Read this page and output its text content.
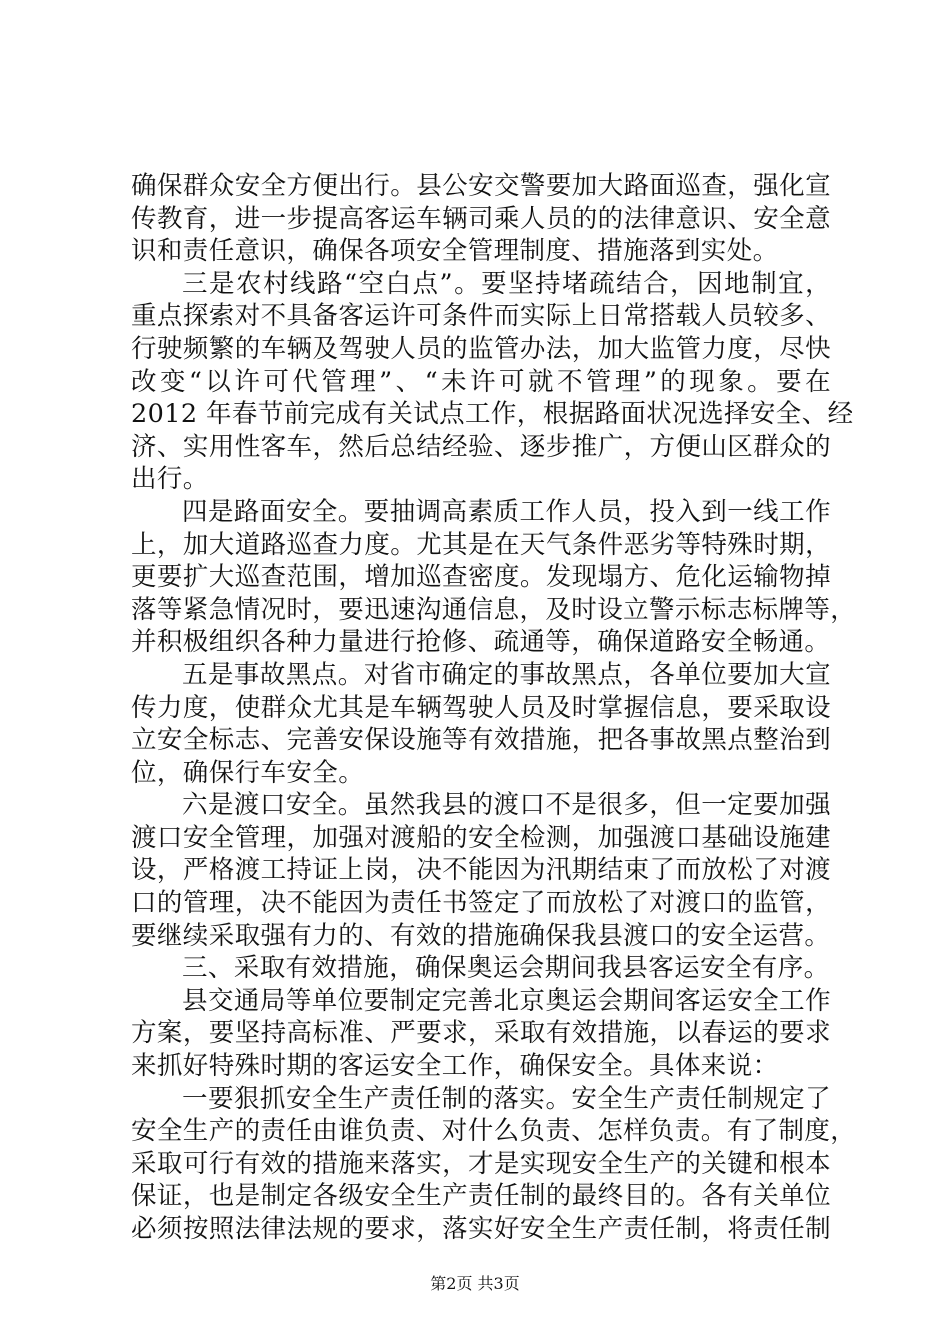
确保群众安全方便出行。县公安交警要加大路面巡查，强化宣
传教育，进一步提高客运车辆司乘人员的的法律意识、安全意
识和责任意识，确保各项安全管理制度、措施落到实处。
三是农村线路“空白点”。要坚持堵疏结合，因地制宜，
重点探索对不具备客运许可条件而实际上日常搭载人员较多、
行驶频繁的车辆及驾驶人员的监管办法，加大监管力度，尽快
改变“以许可代管理”、“未许可就不管理”的现象。要在
2012 年春节前完成有关试点工作，根据路面状况选择安全、经
济、实用性客车，然后总结经验、逐步推广，方便山区群众的
出行。
四是路面安全。要抽调高素质工作人员，投入到一线工作
上，加大道路巡查力度。尤其是在天气条件恶劣等特殊时期，
更要扩大巡查范围，增加巡查密度。发现塌方、危化运输物掉
落等紧急情况时，要迅速沟通信息，及时设立警示标志标牌等，
并积极组织各种力量进行抢修、疏通等，确保道路安全畅通。
五是事故黑点。对省市确定的事故黑点，各单位要加大宣
传力度，使群众尤其是车辆驾驶人员及时掌握信息，要采取设
立安全标志、完善安保设施等有效措施，把各事故黑点整治到
位，确保行车安全。
六是渡口安全。虽然我县的渡口不是很多，但一定要加强
渡口安全管理，加强对渡船的安全检测，加强渡口基础设施建
设，严格渡工持证上岗，决不能因为汛期结束了而放松了对渡
口的管理，决不能因为责任书签定了而放松了对渡口的监管，
要继续采取强有力的、有效的措施确保我县渡口的安全运营。
三、采取有效措施，确保奥运会期间我县客运安全有序。
县交通局等单位要制定完善北京奥运会期间客运安全工作
方案，要坚持高标准、严要求，采取有效措施，以春运的要求
来抓好特殊时期的客运安全工作，确保安全。具体来说：
一要狠抓安全生产责任制的落实。安全生产责任制规定了
安全生产的责任由谁负责、对什么负责、怎样负责。有了制度，
采取可行有效的措施来落实，才是实现安全生产的关键和根本
保证，也是制定各级安全生产责任制的最终目的。各有关单位
必须按照法律法规的要求，落实好安全生产责任制，将责任制
第2页 共3页
